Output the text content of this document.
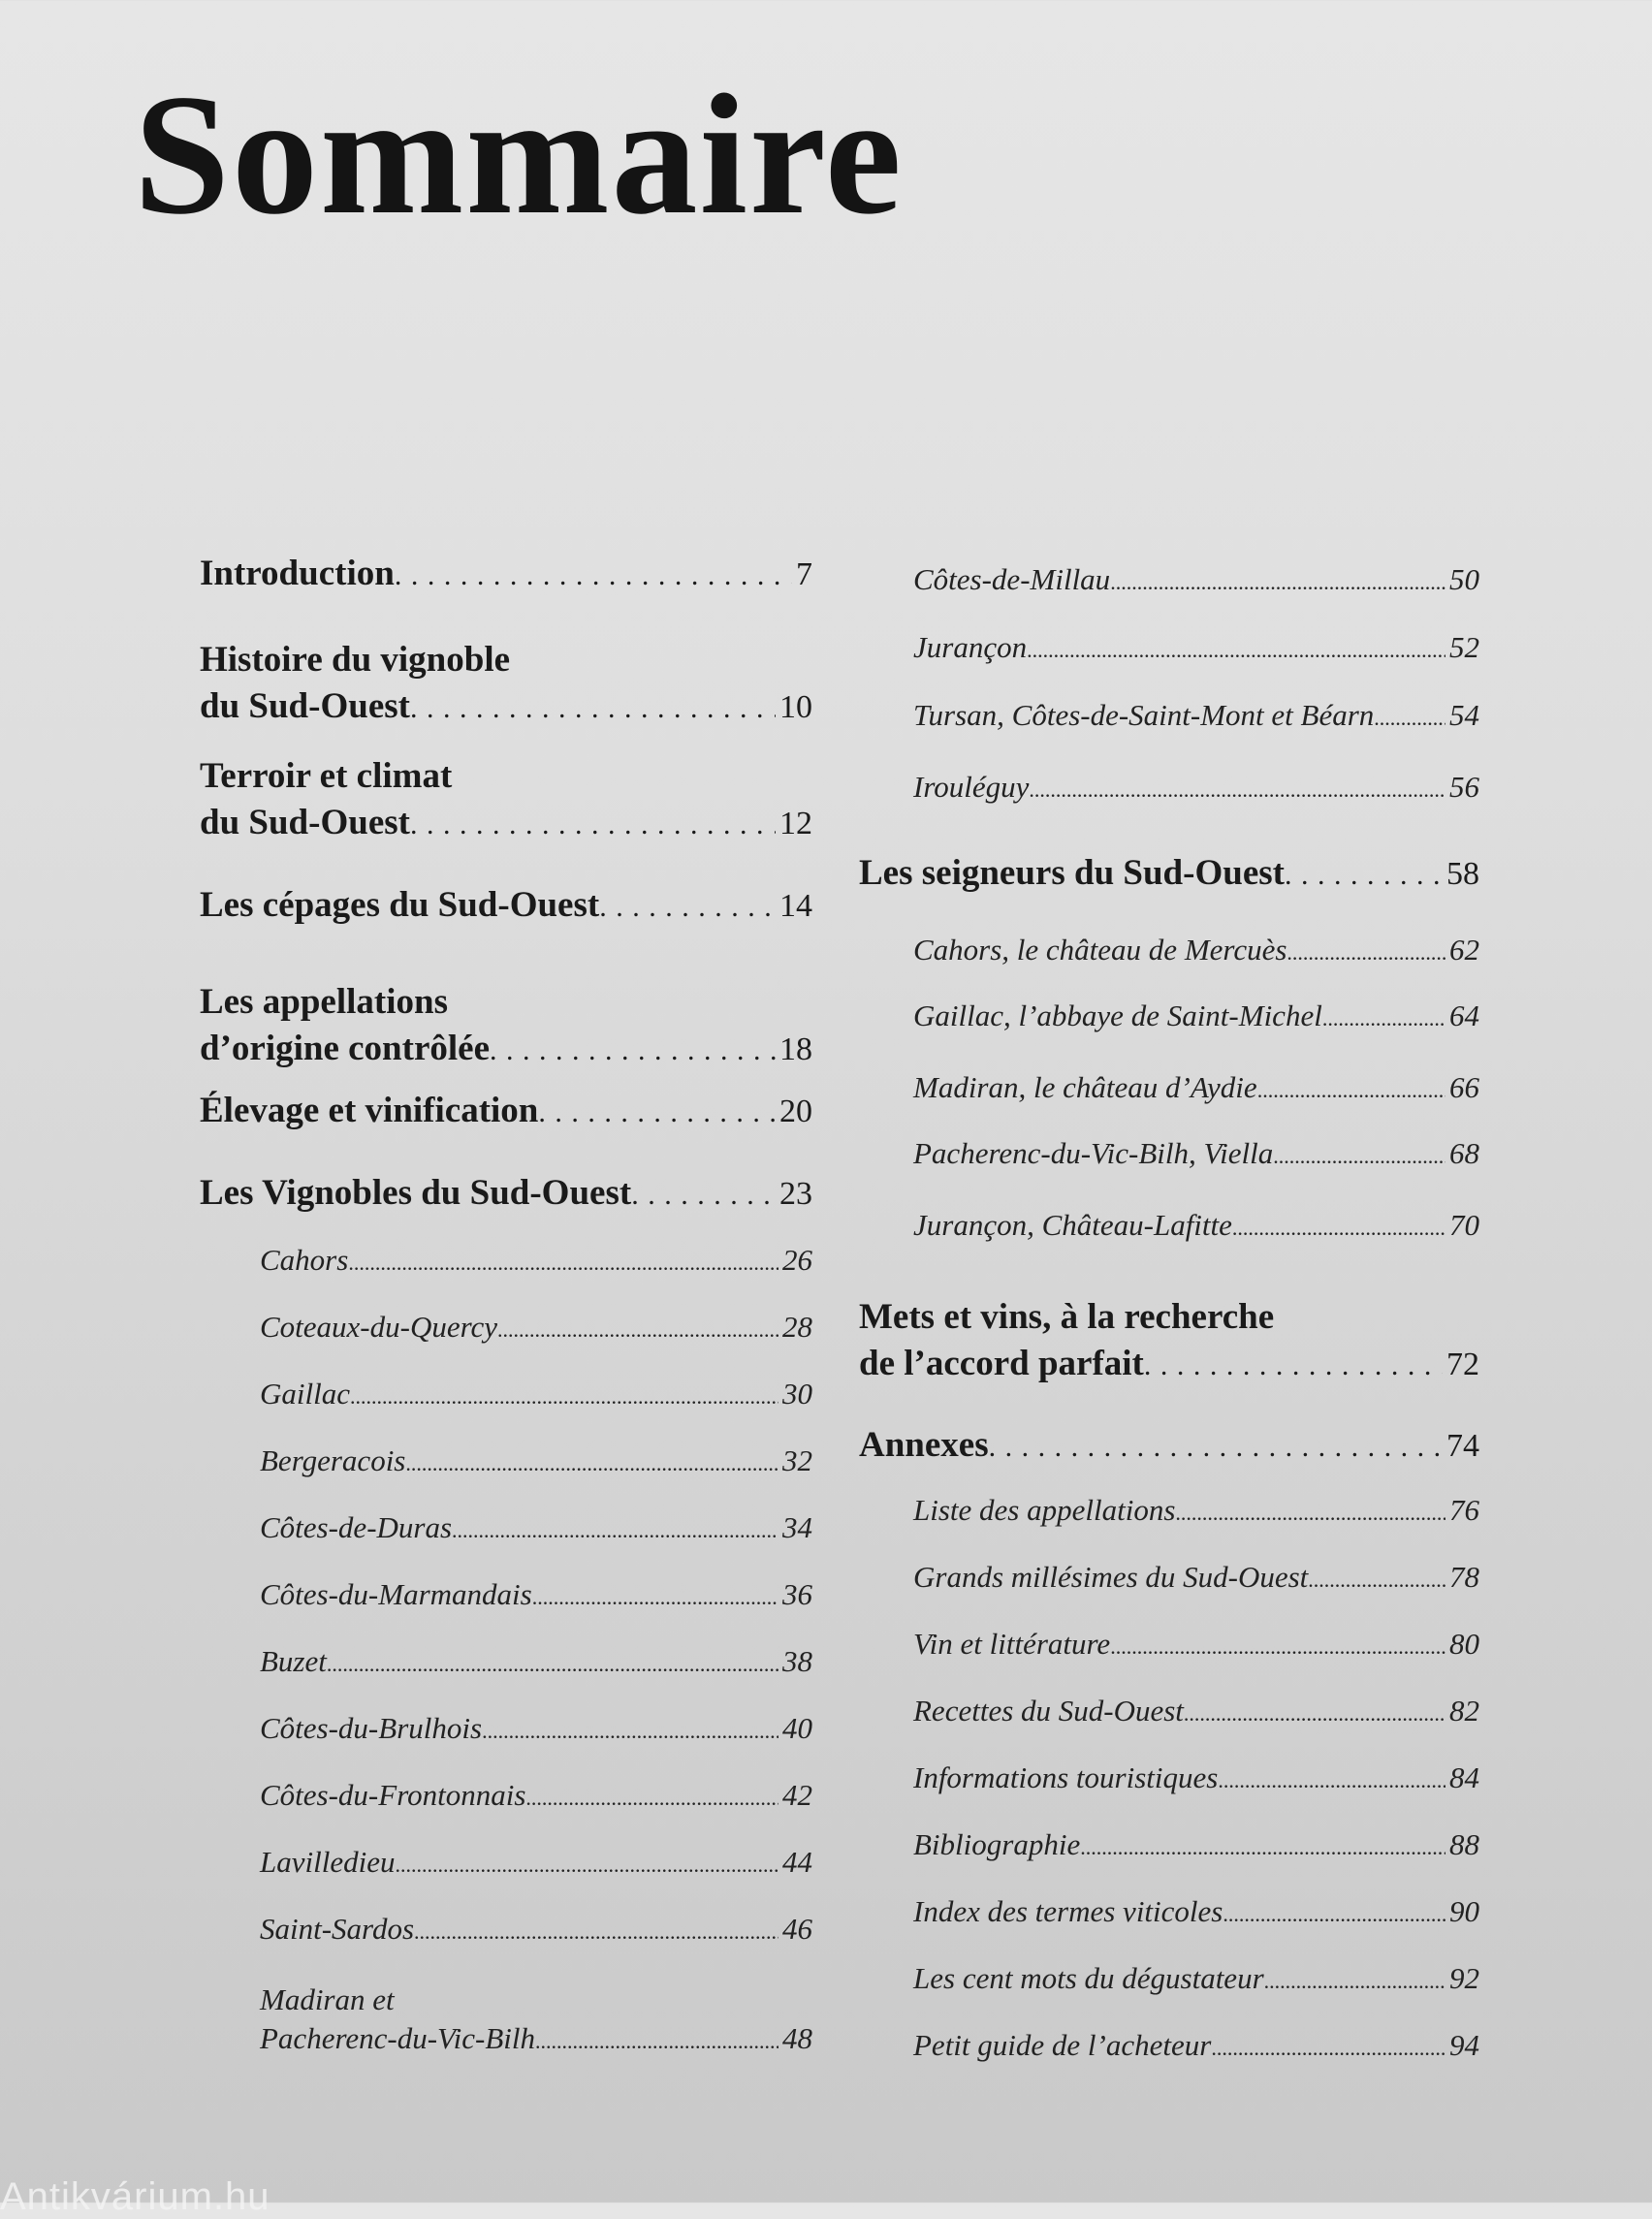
Sommaire
Introduction . . .	7
Histoire du vignoble
du Sud-Ouest . . .	10
Terroir et climat
du Sud-Ouest . . .	12
Les cépages du Sud-Ouest . . .	14
Les appellations
d’origine contrôlée . . .	18
Élevage et vinification . . .	20
Les Vignobles du Sud-Ouest . . .	23
Cahors .....	26
Coteaux-du-Quercy .....	28
Gaillac .....	30
Bergeracois .....	32
Côtes-de-Duras .....	34
Côtes-du-Marmandais .....	36
Buzet .....	38
Côtes-du-Brulhois .....	40
Côtes-du-Frontonnais .....	42
Lavilledieu .....	44
Saint-Sardos .....	46
Madiran et
Pacherenc-du-Vic-Bilh .....	48
Côtes-de-Millau .....	50
Jurançon .....	52
Tursan, Côtes-de-Saint-Mont et Béarn .....	54
Irouléguy .....	56
Les seigneurs du Sud-Ouest . . .	58
Cahors, le château de Mercuès .....	62
Gaillac, l’abbaye de Saint-Michel .....	64
Madiran, le château d’Aydie .....	66
Pacherenc-du-Vic-Bilh, Viella .....	68
Jurançon, Château-Lafitte .....	70
Mets et vins, à la recherche
de l’accord parfait . . .	72
Annexes . . .	74
Liste des appellations .....	76
Grands millésimes du Sud-Ouest .....	78
Vin et littérature .....	80
Recettes du Sud-Ouest .....	82
Informations touristiques .....	84
Bibliographie .....	88
Index des termes viticoles .....	90
Les cent mots du dégustateur .....	92
Petit guide de l’acheteur .....	94
Antikvárium.hu
